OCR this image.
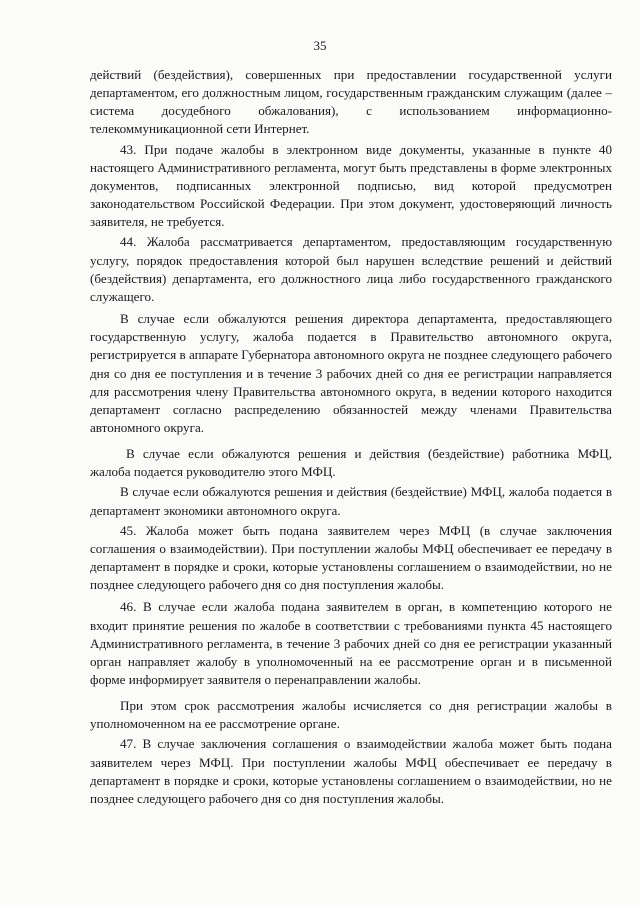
35

действий (бездействия), совершенных при предоставлении государственной услуги департаментом, его должностным лицом, государственным гражданским служащим (далее – система досудебного обжалования), с использованием информационно-телекоммуникационной сети Интернет.

43. При подаче жалобы в электронном виде документы, указанные в пункте 40 настоящего Административного регламента, могут быть представлены в форме электронных документов, подписанных электронной подписью, вид которой предусмотрен законодательством Российской Федерации. При этом документ, удостоверяющий личность заявителя, не требуется.

44. Жалоба рассматривается департаментом, предоставляющим государственную услугу, порядок предоставления которой был нарушен вследствие решений и действий (бездействия) департамента, его должностного лица либо государственного гражданского служащего.

В случае если обжалуются решения директора департамента, предоставляющего государственную услугу, жалоба подается в Правительство автономного округа, регистрируется в аппарате Губернатора автономного округа не позднее следующего рабочего дня со дня ее поступления и в течение 3 рабочих дней со дня ее регистрации направляется для рассмотрения члену Правительства автономного округа, в ведении которого находится департамент согласно распределению обязанностей между членами Правительства автономного округа.

В случае если обжалуются решения и действия (бездействие) работника МФЦ, жалоба подается руководителю этого МФЦ.

В случае если обжалуются решения и действия (бездействие) МФЦ, жалоба подается в департамент экономики автономного округа.

45. Жалоба может быть подана заявителем через МФЦ (в случае заключения соглашения о взаимодействии). При поступлении жалобы МФЦ обеспечивает ее передачу в департамент в порядке и сроки, которые установлены соглашением о взаимодействии, но не позднее следующего рабочего дня со дня поступления жалобы.

46. В случае если жалоба подана заявителем в орган, в компетенцию которого не входит принятие решения по жалобе в соответствии с требованиями пункта 45 настоящего Административного регламента, в течение 3 рабочих дней со дня ее регистрации указанный орган направляет жалобу в уполномоченный на ее рассмотрение орган и в письменной форме информирует заявителя о перенаправлении жалобы.

При этом срок рассмотрения жалобы исчисляется со дня регистрации жалобы в уполномоченном на ее рассмотрение органе.

47. В случае заключения соглашения о взаимодействии жалоба может быть подана заявителем через МФЦ. При поступлении жалобы МФЦ обеспечивает ее передачу в департамент в порядке и сроки, которые установлены соглашением о взаимодействии, но не позднее следующего рабочего дня со дня поступления жалобы.
